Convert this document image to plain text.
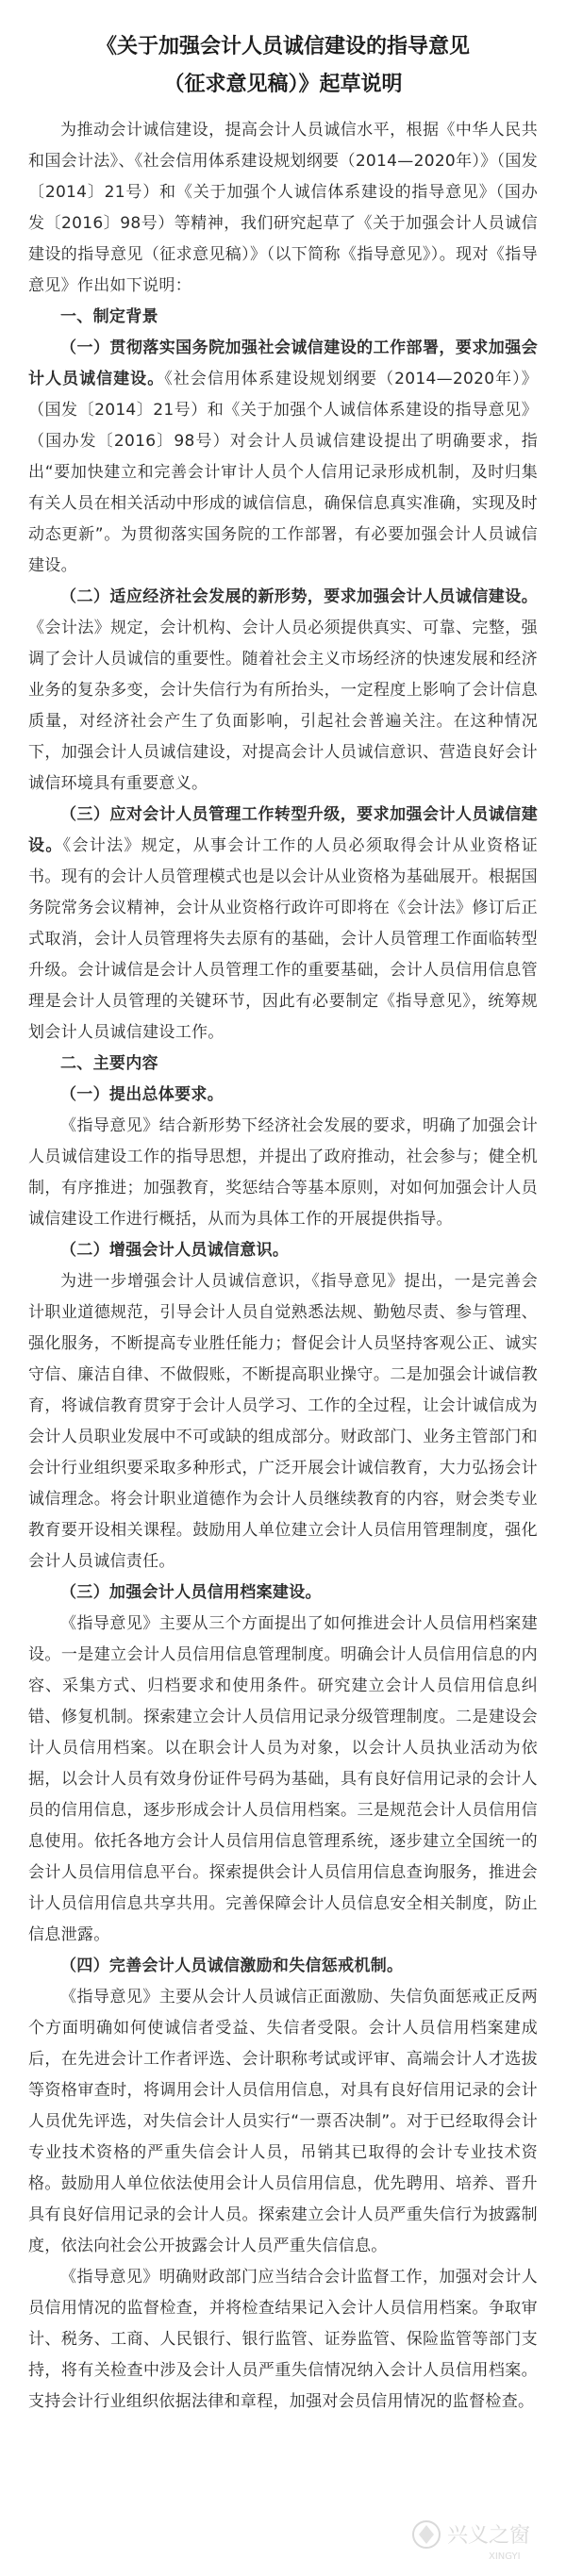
《关于加强会计人员诚信建设的指导意见
（征求意见稿）》起草说明

为推动会计诚信建设，提高会计人员诚信水平，根据《中华人民共和国会计法》、《社会信用体系建设规划纲要（2014—2020年）》（国发〔2014〕21号）和《关于加强个人诚信体系建设的指导意见》（国办发〔2016〕98号）等精神，我们研究起草了《关于加强会计人员诚信建设的指导意见（征求意见稿）》（以下简称《指导意见》）。现对《指导意见》作出如下说明：

一、制定背景

（一）贯彻落实国务院加强社会诚信建设的工作部署，要求加强会计人员诚信建设。《社会信用体系建设规划纲要（2014—2020年）》（国发〔2014〕21号）和《关于加强个人诚信体系建设的指导意见》（国办发〔2016〕98号）对会计人员诚信建设提出了明确要求，指出“要加快建立和完善会计审计人员个人信用记录形成机制，及时归集有关人员在相关活动中形成的诚信信息，确保信息真实准确，实现及时动态更新”。为贯彻落实国务院的工作部署，有必要加强会计人员诚信建设。

（二）适应经济社会发展的新形势，要求加强会计人员诚信建设。《会计法》规定，会计机构、会计人员必须提供真实、可靠、完整，强调了会计人员诚信的重要性。随着社会主义市场经济的快速发展和经济业务的复杂多变，会计失信行为有所抬头，一定程度上影响了会计信息质量，对经济社会产生了负面影响，引起社会普遍关注。在这种情况下，加强会计人员诚信建设，对提高会计人员诚信意识、营造良好会计诚信环境具有重要意义。

（三）应对会计人员管理工作转型升级，要求加强会计人员诚信建设。《会计法》规定，从事会计工作的人员必须取得会计从业资格证书。现有的会计人员管理模式也是以会计从业资格为基础展开。根据国务院常务会议精神，会计从业资格行政许可即将在《会计法》修订后正式取消，会计人员管理将失去原有的基础，会计人员管理工作面临转型升级。会计诚信是会计人员管理工作的重要基础，会计人员信用信息管理是会计人员管理的关键环节，因此有必要制定《指导意见》，统筹规划会计人员诚信建设工作。

二、主要内容

（一）提出总体要求。

《指导意见》结合新形势下经济社会发展的要求，明确了加强会计人员诚信建设工作的指导思想，并提出了政府推动，社会参与；健全机制，有序推进；加强教育，奖惩结合等基本原则，对如何加强会计人员诚信建设工作进行概括，从而为具体工作的开展提供指导。

（二）增强会计人员诚信意识。

为进一步增强会计人员诚信意识，《指导意见》提出，一是完善会计职业道德规范，引导会计人员自觉熟悉法规、勤勉尽责、参与管理、强化服务，不断提高专业胜任能力；督促会计人员坚持客观公正、诚实守信、廉洁自律、不做假账，不断提高职业操守。二是加强会计诚信教育，将诚信教育贯穿于会计人员学习、工作的全过程，让会计诚信成为会计人员职业发展中不可或缺的组成部分。财政部门、业务主管部门和会计行业组织要采取多种形式，广泛开展会计诚信教育，大力弘扬会计诚信理念。将会计职业道德作为会计人员继续教育的内容，财会类专业教育要开设相关课程。鼓励用人单位建立会计人员信用管理制度，强化会计人员诚信责任。

（三）加强会计人员信用档案建设。

《指导意见》主要从三个方面提出了如何推进会计人员信用档案建设。一是建立会计人员信用信息管理制度。明确会计人员信用信息的内容、采集方式、归档要求和使用条件。研究建立会计人员信用信息纠错、修复机制。探索建立会计人员信用记录分级管理制度。二是建设会计人员信用档案。以在职会计人员为对象，以会计人员执业活动为依据，以会计人员有效身份证件号码为基础，具有良好信用记录的会计人员的信用信息，逐步形成会计人员信用档案。三是规范会计人员信用信息使用。依托各地方会计人员信用信息管理系统，逐步建立全国统一的会计人员信用信息平台。探索提供会计人员信用信息查询服务，推进会计人员信用信息共享共用。完善保障会计人员信息安全相关制度，防止信息泄露。

（四）完善会计人员诚信激励和失信惩戒机制。

《指导意见》主要从会计人员诚信正面激励、失信负面惩戒正反两个方面明确如何使诚信者受益、失信者受限。会计人员信用档案建成后，在先进会计工作者评选、会计职称考试或评审、高端会计人才选拔等资格审查时，将调用会计人员信用信息，对具有良好信用记录的会计人员优先评选，对失信会计人员实行“一票否决制”。对于已经取得会计专业技术资格的严重失信会计人员，吊销其已取得的会计专业技术资格。鼓励用人单位依法使用会计人员信用信息，优先聘用、培养、晋升具有良好信用记录的会计人员。探索建立会计人员严重失信行为披露制度，依法向社会公开披露会计人员严重失信信息。

《指导意见》明确财政部门应当结合会计监督工作，加强对会计人员信用情况的监督检查，并将检查结果记入会计人员信用档案。争取审计、税务、工商、人民银行、银行监管、证券监管、保险监管等部门支持，将有关检查中涉及会计人员严重失信情况纳入会计人员信用档案。支持会计行业组织依据法律和章程，加强对会员信用情况的监督检查。

兴义之窗
XINGYI
